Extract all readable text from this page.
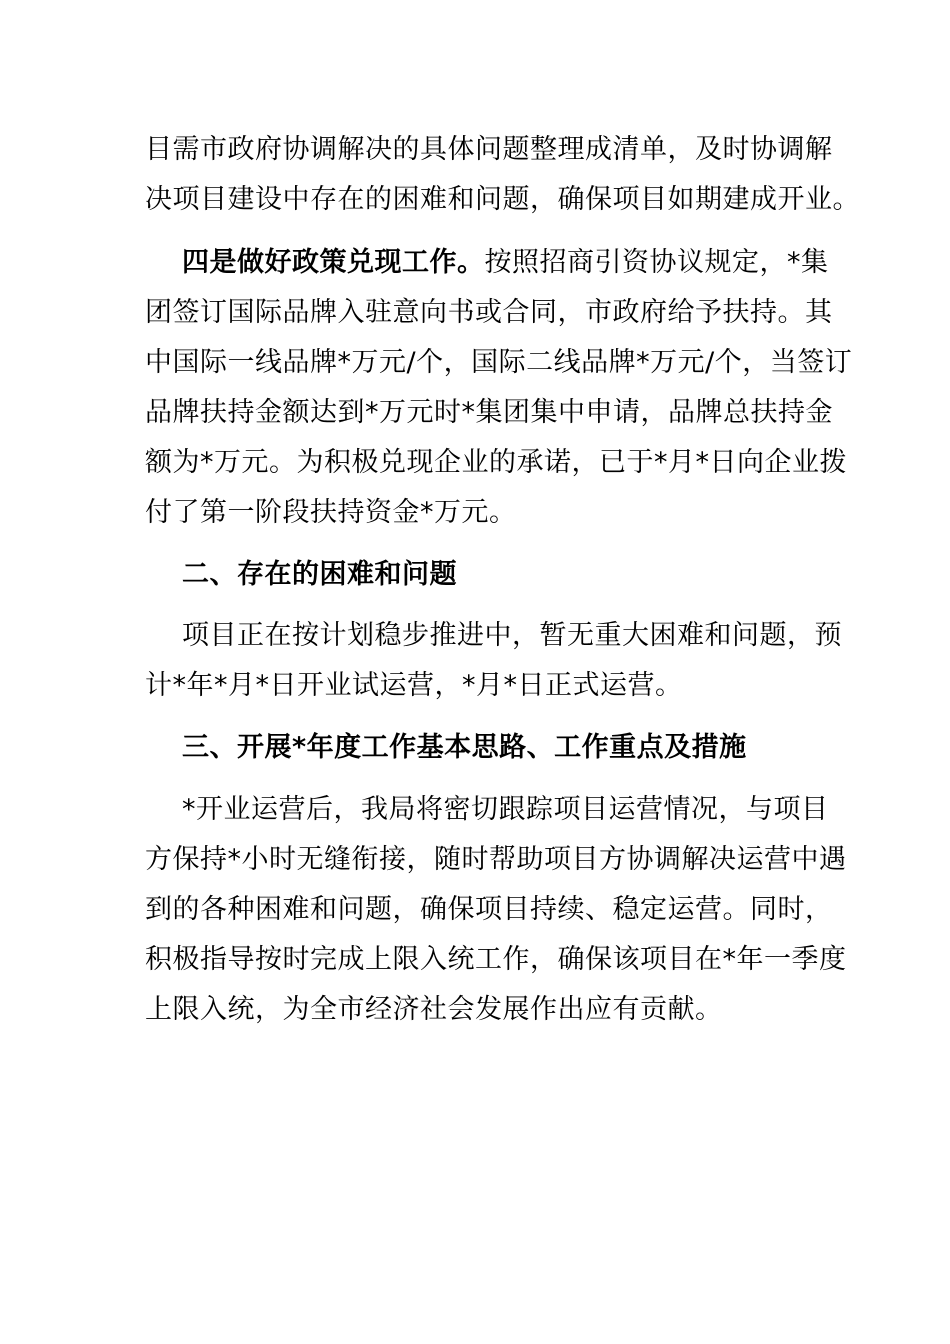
目需市政府协调解决的具体问题整理成清单，及时协调解
决项目建设中存在的困难和问题，确保项目如期建成开业。
四是做好政策兑现工作。按照招商引资协议规定，*集
团签订国际品牌入驻意向书或合同，市政府给予扶持。其
中国际一线品牌*万元/个，国际二线品牌*万元/个，当签订
品牌扶持金额达到*万元时*集团集中申请，品牌总扶持金
额为*万元。为积极兑现企业的承诺，已于*月*日向企业拨
付了第一阶段扶持资金*万元。
二、存在的困难和问题
项目正在按计划稳步推进中，暂无重大困难和问题，预
计*年*月*日开业试运营，*月*日正式运营。
三、开展*年度工作基本思路、工作重点及措施
*开业运营后，我局将密切跟踪项目运营情况，与项目
方保持*小时无缝衔接，随时帮助项目方协调解决运营中遇
到的各种困难和问题，确保项目持续、稳定运营。同时，
积极指导按时完成上限入统工作，确保该项目在*年一季度
上限入统，为全市经济社会发展作出应有贡献。
